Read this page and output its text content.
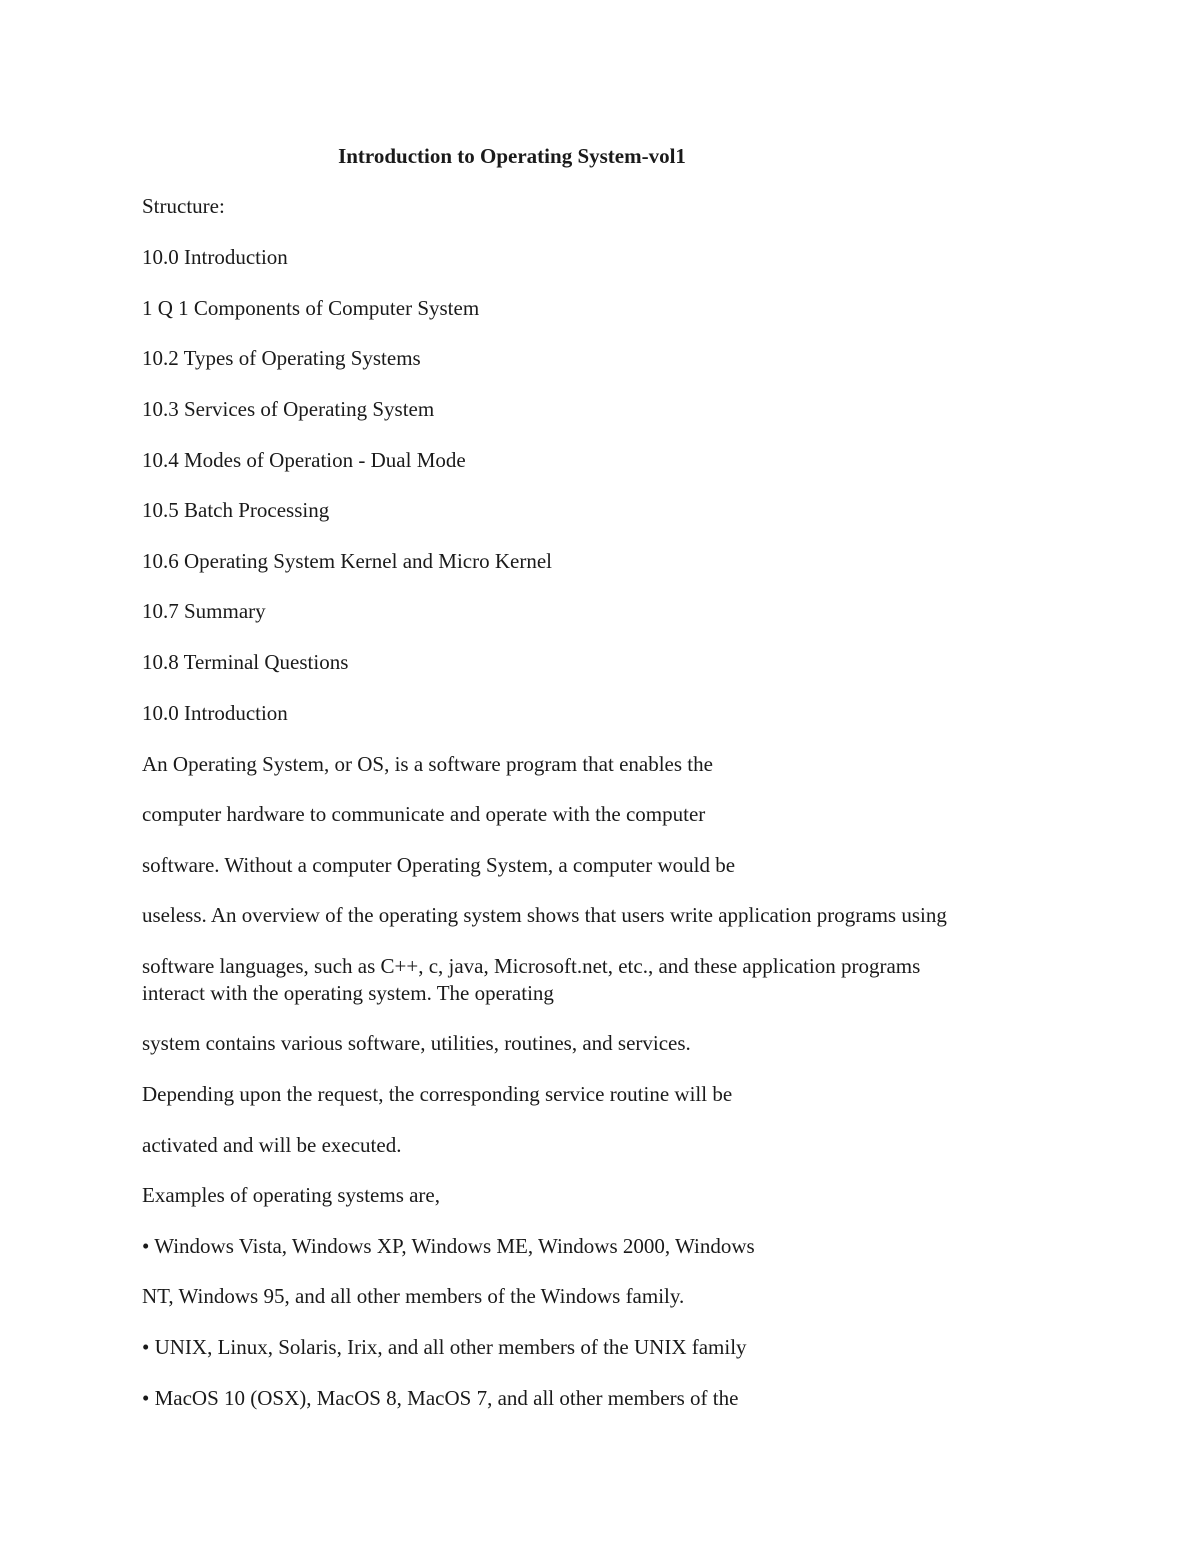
Introduction to Operating System-vol1

Structure:

10.0 Introduction

1 Q 1 Components of Computer System

10.2 Types of Operating Systems

10.3 Services of Operating System

10.4 Modes of Operation - Dual Mode

10.5 Batch Processing

10.6 Operating System Kernel and Micro Kernel

10.7 Summary

10.8 Terminal Questions

10.0 Introduction

An Operating System, or OS, is a software program that enables the

computer hardware to communicate and operate with the computer

software. Without a computer Operating System, a computer would be

useless. An overview of the operating system shows that users write application programs using

software languages, such as C++, c, java, Microsoft.net, etc., and these application programs

interact with the operating system. The operating

system contains various software, utilities, routines, and services.

Depending upon the request, the corresponding service routine will be

activated and will be executed.

Examples of operating systems are,

• Windows Vista, Windows XP, Windows ME, Windows 2000, Windows

NT, Windows 95, and all other members of the Windows family.

• UNIX, Linux, Solaris, Irix, and all other members of the UNIX family

• MacOS 10 (OSX), MacOS 8, MacOS 7, and all other members of the
